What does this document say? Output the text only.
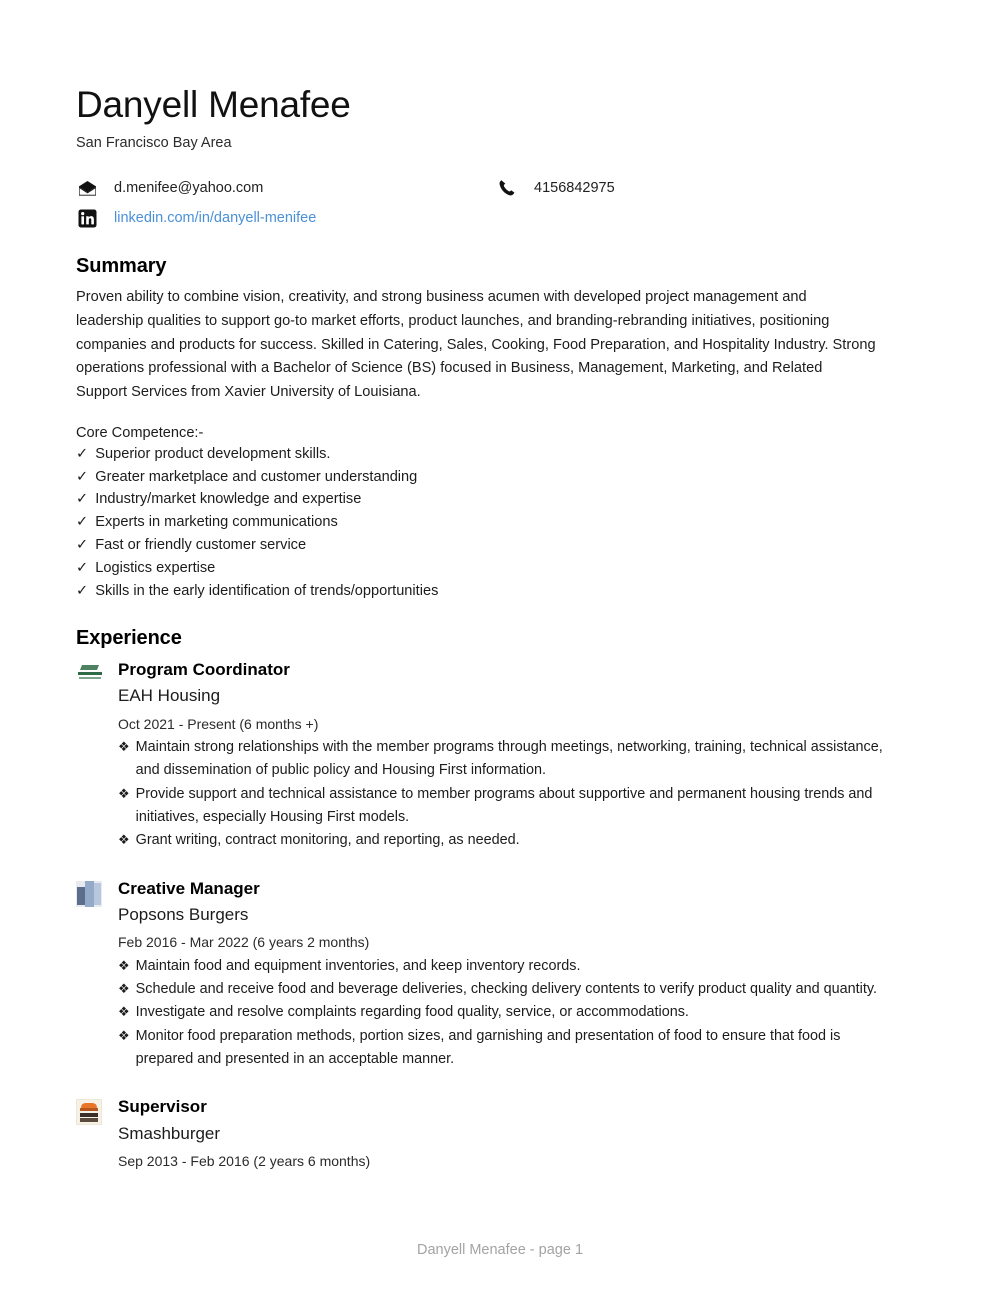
Danyell Menafee
San Francisco Bay Area
d.menifee@yahoo.com	4156842975
linkedin.com/in/danyell-menifee
Summary

Proven ability to combine vision, creativity, and strong business acumen with developed project management and leadership qualities to support go-to market efforts, product launches, and branding-rebranding initiatives, positioning companies and products for success. Skilled in Catering, Sales, Cooking, Food Preparation, and Hospitality Industry. Strong operations professional with a Bachelor of Science (BS) focused in Business, Management, Marketing, and Related Support Services from Xavier University of Louisiana.

Core Competence:-
✓ Superior product development skills.
✓ Greater marketplace and customer understanding
✓ Industry/market knowledge and expertise
✓ Experts in marketing communications
✓ Fast or friendly customer service
✓ Logistics expertise
✓ Skills in the early identification of trends/opportunities
Experience
Program Coordinator
EAH Housing
Oct 2021 - Present (6 months +)
❖ Maintain strong relationships with the member programs through meetings, networking, training, technical assistance, and dissemination of public policy and Housing First information.
❖ Provide support and technical assistance to member programs about supportive and permanent housing trends and initiatives, especially Housing First models.
❖ Grant writing, contract monitoring, and reporting, as needed.
Creative Manager
Popsons Burgers
Feb 2016 - Mar 2022 (6 years 2 months)
❖ Maintain food and equipment inventories, and keep inventory records.
❖ Schedule and receive food and beverage deliveries, checking delivery contents to verify product quality and quantity.
❖ Investigate and resolve complaints regarding food quality, service, or accommodations.
❖ Monitor food preparation methods, portion sizes, and garnishing and presentation of food to ensure that food is prepared and presented in an acceptable manner.
Supervisor
Smashburger
Sep 2013 - Feb 2016 (2 years 6 months)
Danyell Menafee - page 1
